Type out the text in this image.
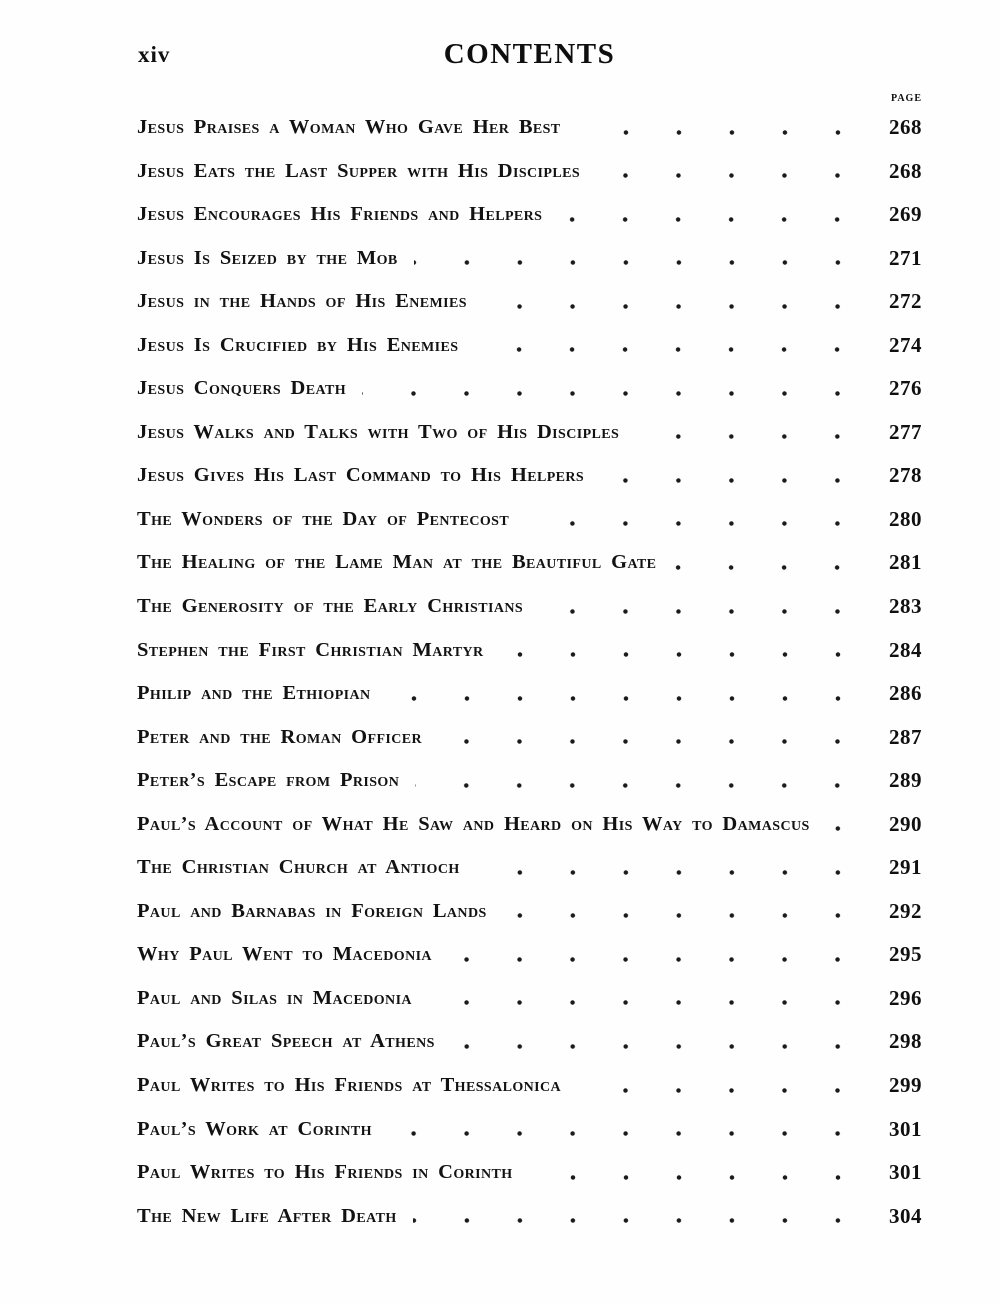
xiv	CONTENTS
PAGE
Jesus Praises a Woman Who Gave Her Best	268
Jesus Eats the Last Supper with His Disciples	268
Jesus Encourages His Friends and Helpers	269
Jesus Is Seized by the Mob	271
Jesus in the Hands of His Enemies	272
Jesus Is Crucified by His Enemies	274
Jesus Conquers Death	276
Jesus Walks and Talks with Two of His Disciples	277
Jesus Gives His Last Command to His Helpers	278
The Wonders of the Day of Pentecost	280
The Healing of the Lame Man at the Beautiful Gate	281
The Generosity of the Early Christians	283
Stephen the First Christian Martyr	284
Philip and the Ethiopian	286
Peter and the Roman Officer	287
Peter’s Escape from Prison	289
Paul’s Account of What He Saw and Heard on His Way to Damascus	290
The Christian Church at Antioch	291
Paul and Barnabas in Foreign Lands	292
Why Paul Went to Macedonia	295
Paul and Silas in Macedonia	296
Paul’s Great Speech at Athens	298
Paul Writes to His Friends at Thessalonica	299
Paul’s Work at Corinth	301
Paul Writes to His Friends in Corinth	301
The New Life After Death	304
